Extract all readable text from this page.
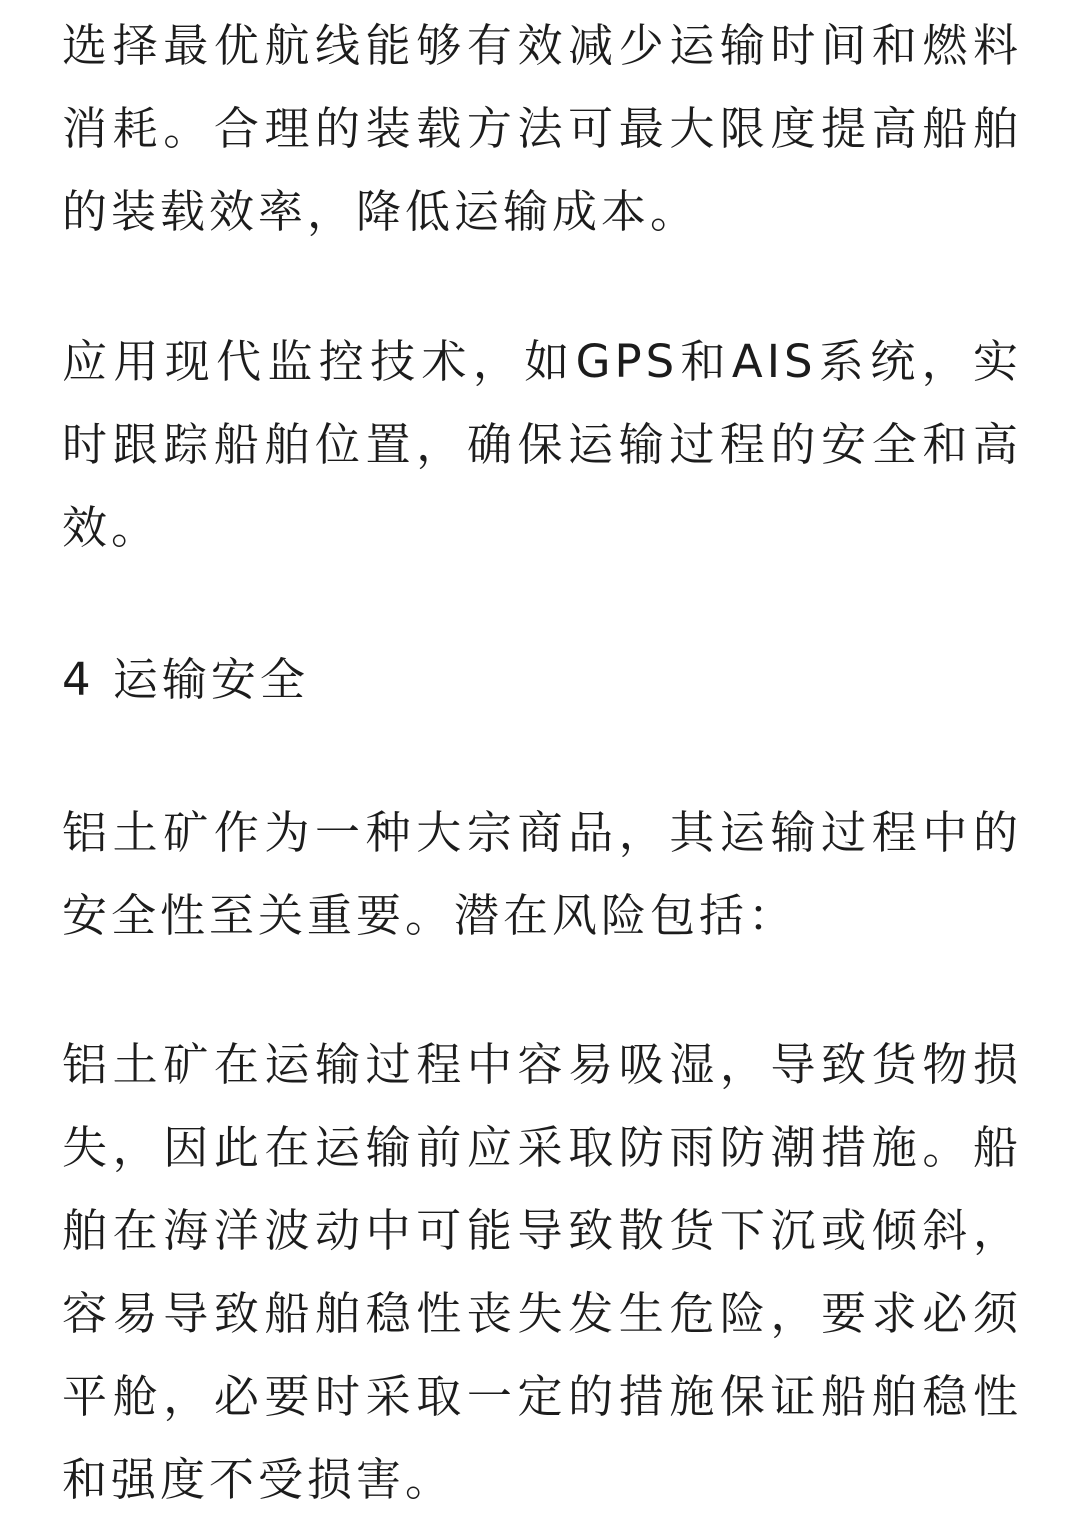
选择最优航线能够有效减少运输时间和燃料消耗。合理的装载方法可最大限度提高船舶的装载效率，降低运输成本。

应用现代监控技术，如GPS和AIS系统，实时跟踪船舶位置，确保运输过程的安全和高效。

4 运输安全

铝土矿作为一种大宗商品，其运输过程中的安全性至关重要。潜在风险包括：

铝土矿在运输过程中容易吸湿，导致货物损失，因此在运输前应采取防雨防潮措施。船舶在海洋波动中可能导致散货下沉或倾斜，容易导致船舶稳性丧失发生危险，要求必须平舱，必要时采取一定的措施保证船舶稳性和强度不受损害。
